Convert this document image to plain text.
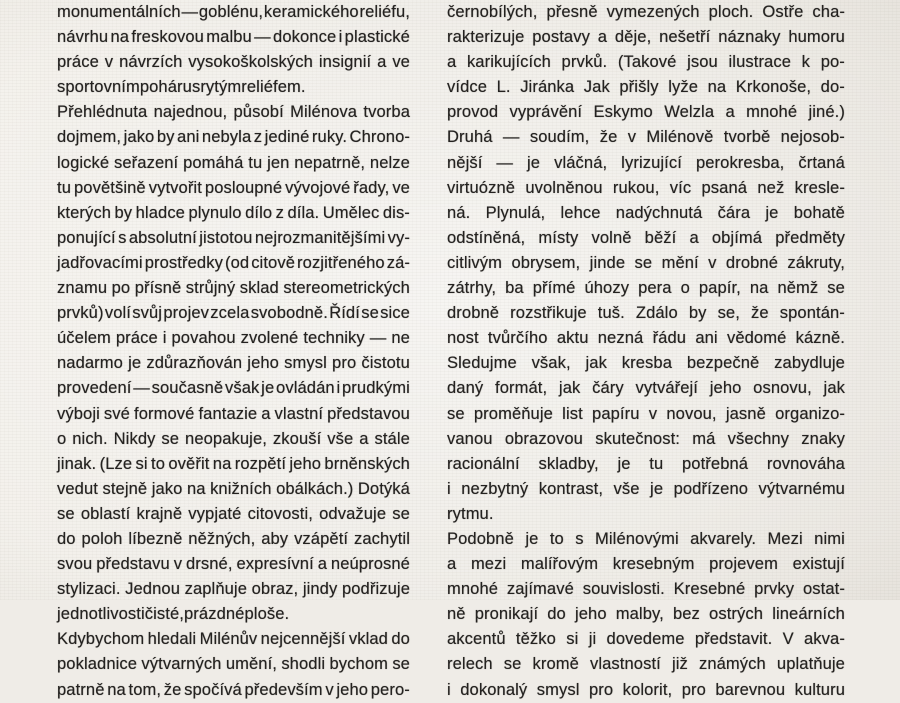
monumentálních — goblénu, keramického reliéfu,
návrhu na freskovou malbu — dokonce i plastické
práce v návrzích vysokoškolských insignií a ve
sportovním poháru s rytým reliéfem.
Přehlédnuta najednou, působí Milénova tvorba
dojmem, jako by ani nebyla z jediné ruky. Chrono-
logické seřazení pomáhá tu jen nepatrně, nelze
tu povětšině vytvořit posloupné vývojové řady, ve
kterých by hladce plynulo dílo z díla. Umělec dis-
ponující s absolutní jistotou nejrozmanitějšími vy-
jadřovacími prostředky (od citově rozjitřeného zá-
znamu po přísně strůjný sklad stereometrických
prvků) volí svůj projev zcela svobodně. Řídí se sice
účelem práce i povahou zvolené techniky — ne
nadarmo je zdůrazňován jeho smysl pro čistotu
provedení — současně však je ovládán i prudkými
výboji své formové fantazie a vlastní představou
o nich. Nikdy se neopakuje, zkouší vše a stále
jinak. (Lze si to ověřit na rozpětí jeho brněnských
vedut stejně jako na knižních obálkách.) Dotýká
se oblastí krajně vypjaté citovosti, odvažuje se
do poloh líbezně něžných, aby vzápětí zachytil
svou představu v drsné, expresívní a neúprosné
stylizaci. Jednou zaplňuje obraz, jindy podřizuje
jednotlivosti čisté, prázdné ploše.
Kdybychom hledali Milénův nejcennější vklad do
pokladnice výtvarných umění, shodli bychom se
patrně na tom, že spočívá především v jeho pero-
černobílých, přesně vymezených ploch. Ostře cha-
rakterizuje postavy a děje, nešetří náznaky humoru
a karikujících prvků. (Takové jsou ilustrace k po-
vídce L. Jiránka Jak přišly lyže na Krkonoše, do-
provod vyprávění Eskymo Welzla a mnohé jiné.)
Druhá — soudím, že v Milénově tvorbě nejosob-
nější — je vláčná, lyrizující perokresba, črtaná
virtuózně uvolněnou rukou, víc psaná než kresle-
ná. Plynulá, lehce nadýchnutá čára je bohatě
odstíněná, místy volně běží a objímá předměty
citlivým obrysem, jinde se mění v drobné zákruty,
zátrhy, ba přímé úhozy pera o papír, na němž se
drobně rozstřikuje tuš. Zdálo by se, že spontán-
nost tvůrčího aktu nezná řádu ani vědomé kázně.
Sledujme však, jak kresba bezpečně zabydluje
daný formát, jak čáry vytvářejí jeho osnovu, jak
se proměňuje list papíru v novou, jasně organizo-
vanou obrazovou skutečnost: má všechny znaky
racionální skladby, je tu potřebná rovnováha
i nezbytný kontrast, vše je podřízeno výtvarnému
rytmu.
Podobně je to s Milénovými akvarely. Mezi nimi
a mezi malířovým kresebným projevem existují
mnohé zajímavé souvislosti. Kresebné prvky ostat-
ně pronikají do jeho malby, bez ostrých lineárních
akcentů těžko si ji dovedeme představit. V akva-
relech se kromě vlastností již známých uplatňuje
i dokonalý smysl pro kolorit, pro barevnou kulturu
